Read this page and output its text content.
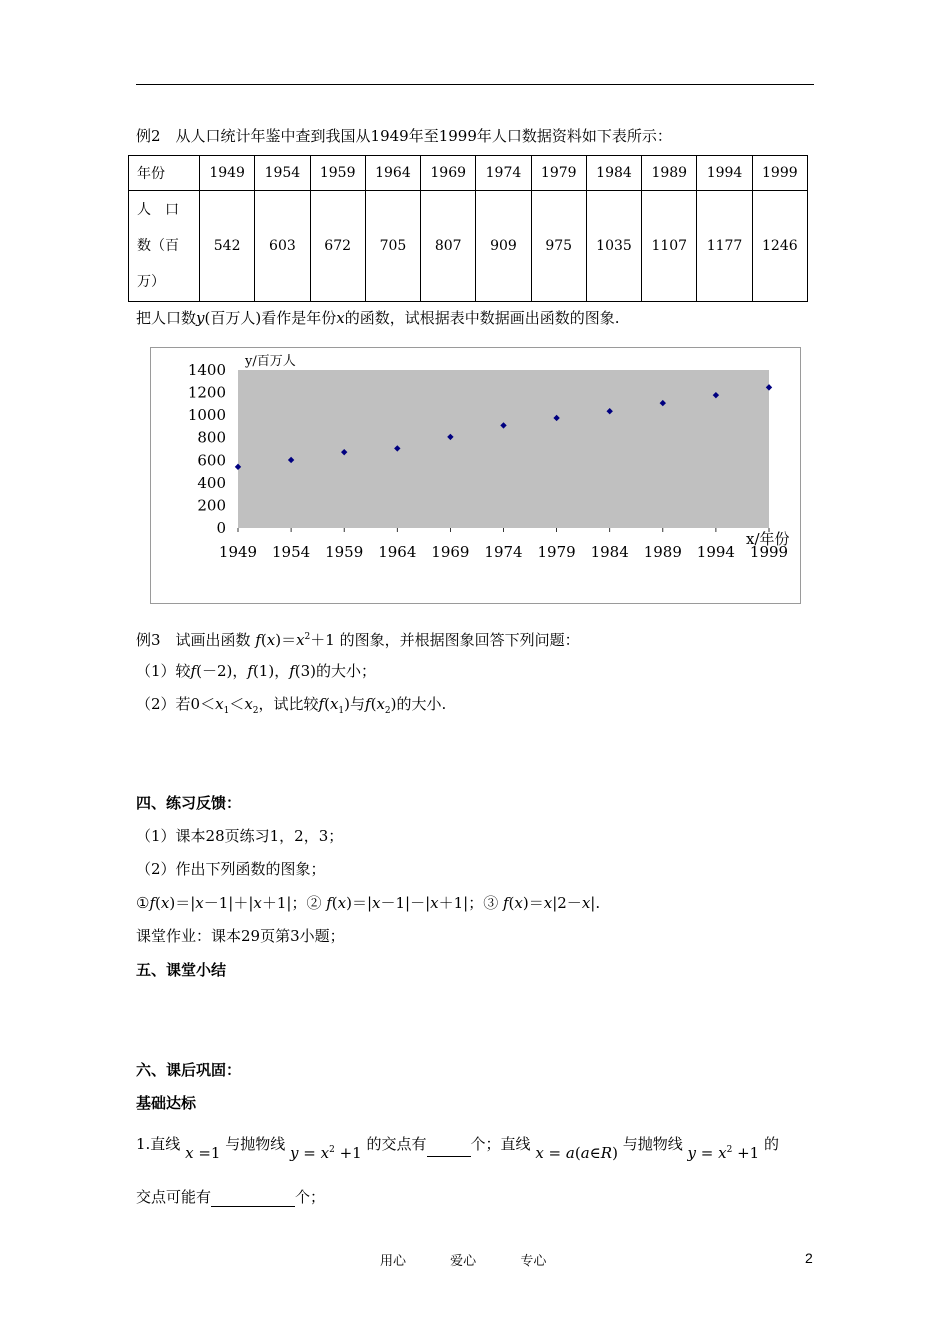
例2　从人口统计年鉴中查到我国从1949年至1999年人口数据资料如下表所示：
年份	1949	1954	1959	1964	1969	1974	1979	1984	1989	1994	1999

人　口
数（百
万）	542	603	672	705	807	909	975	1035	1107	1177	1246
把人口数y(百万人)看作是年份x的函数，试根据表中数据画出函数的图象.
0
200
400
600
800
1000
1200
1400
1949 1954 1959 1964 1969 1974 1979 1984 1989 1994 1999
y/百万人
x/年份
例3　试画出函数 $f(x)=x^2+1$ 的图象，并根据图象回答下列问题：
（1）较f(－2)，f(1)，f(3)的大小；
（2）若$0<x_1<x_2$，试比较$f(x_1)$与$f(x_2)$的大小.
四、练习反馈：
（1）课本28页练习1，2，3；
（2）作出下列函数的图象；
①f(x)＝|x－1|＋|x＋1|；② f(x)＝|x－1|－|x＋1|；③ f(x)＝x|2－x|.
课堂作业：课本29页第3小题；
五、课堂小结
六、课后巩固：
基础达标
1.直线 x =1 与抛物线 $y = x^2 +1$ 的交点有	个；直线 x = a(a∈R) 与抛物线 $y = x^2 +1$ 的
交点可能有	个；
用心	爱心	专心	2
